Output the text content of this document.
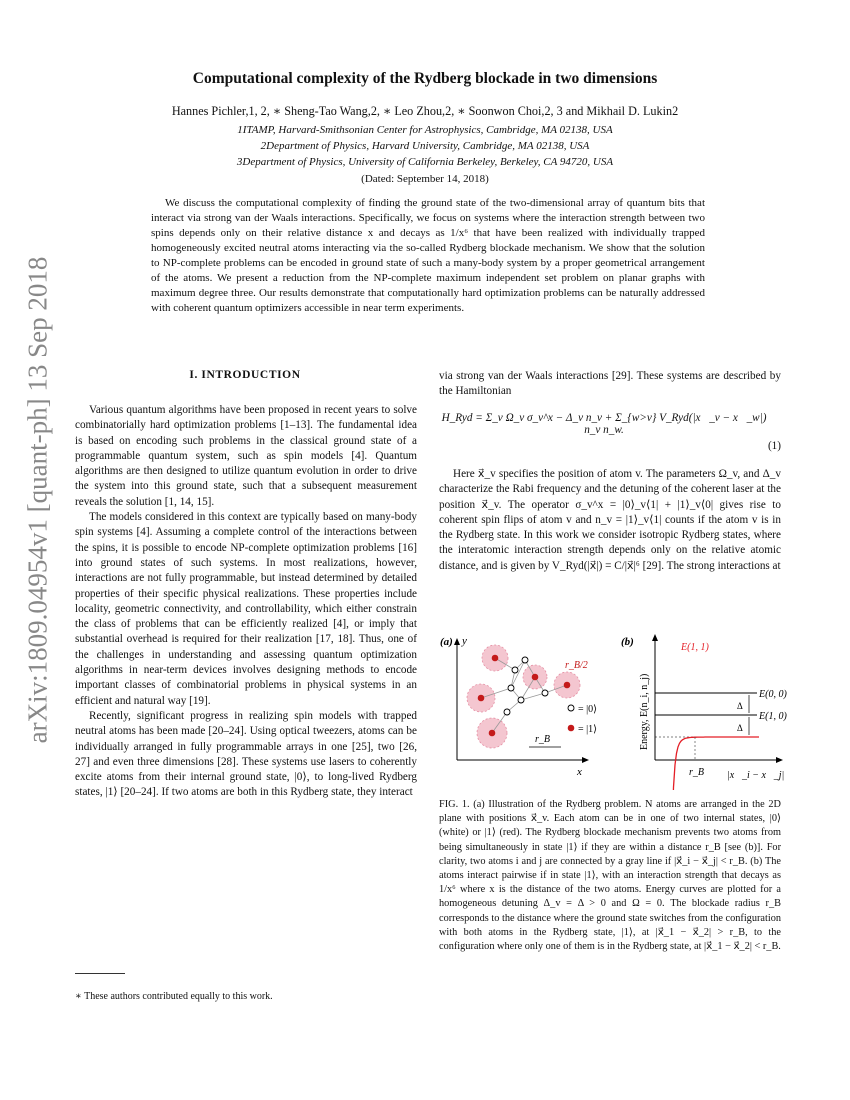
arXiv:1809.04954v1 [quant-ph] 13 Sep 2018
Computational complexity of the Rydberg blockade in two dimensions
Hannes Pichler,1, 2, ∗ Sheng-Tao Wang,2, ∗ Leo Zhou,2, ∗ Soonwon Choi,2, 3 and Mikhail D. Lukin2
1ITAMP, Harvard-Smithsonian Center for Astrophysics, Cambridge, MA 02138, USA
2Department of Physics, Harvard University, Cambridge, MA 02138, USA
3Department of Physics, University of California Berkeley, Berkeley, CA 94720, USA
(Dated: September 14, 2018)
We discuss the computational complexity of finding the ground state of the two-dimensional array of quantum bits that interact via strong van der Waals interactions. Specifically, we focus on systems where the interaction strength between two spins depends only on their relative distance x and decays as 1/x⁶ that have been realized with individually trapped homogeneously excited neutral atoms interacting via the so-called Rydberg blockade mechanism. We show that the solution to NP-complete problems can be encoded in ground state of such a many-body system by a proper geometrical arrangement of the atoms. We present a reduction from the NP-complete maximum independent set problem on planar graphs with maximum degree three. Our results demonstrate that computationally hard optimization problems can be naturally addressed with coherent quantum optimizers accessible in near term experiments.
I. INTRODUCTION

Various quantum algorithms have been proposed in recent years to solve combinatorially hard optimization problems [1–13]. The fundamental idea is based on encoding such problems in the classical ground state of a programmable quantum system, such as spin models [4]. Quantum algorithms are then designed to utilize quantum evolution in order to drive the system into this ground state, such that a subsequent measurement reveals the solution [1, 14, 15].

The models considered in this context are typically based on many-body spin systems [4]. Assuming a complete control of the interactions between the spins, it is possible to encode NP-complete optimization problems [16] into ground states of such systems. In most realizations, however, interactions are not fully programmable, but instead determined by detailed properties of their specific physical realizations. These properties include locality, geometric connectivity, and controllability, which either constrain the class of problems that can be efficiently realized [4], or imply that substantial overhead is required for their realization [17, 18]. Thus, one of the challenges in understanding and assessing quantum optimization algorithms in near-term devices involves designing methods to encode important classes of combinatorial problems in physical systems in an efficient and natural way [19].

Recently, significant progress in realizing spin models with trapped neutral atoms has been made [20–24]. Using optical tweezers, atoms can be individually arranged in fully programmable arrays in one [25], two [26, 27] and even three dimensions [28]. These systems use lasers to coherently excite atoms from their internal ground state, |0⟩, to long-lived Rydberg states, |1⟩ [20–24]. If two atoms are both in this Rydberg state, they interact

∗ These authors contributed equally to this work.
via strong van der Waals interactions [29]. These systems are described by the Hamiltonian
H_Ryd = Σ_v Ω_v σ_v^x − Δ_v n_v + Σ_{w>v} V_Ryd(|x⃗_v − x⃗_w|) n_v n_w.
(1)

Here x⃗_v specifies the position of atom v. The parameters Ω_v, and Δ_v characterize the Rabi frequency and the detuning of the coherent laser at the position x⃗_v. The operator σ_v^x = |0⟩_v⟨1| + |1⟩_v⟨0| gives rise to coherent spin flips of atom v and n_v = |1⟩_v⟨1| counts if the atom v is in the Rydberg state. In this work we consider isotropic Rydberg states, where the interatomic interaction strength depends only on the relative atomic distance, and is given by V_Ryd(|x⃗|) = C/|x⃗|⁶ [29]. The strong interactions at

(a) y
x
r_B/2
r_B
= |0⟩
= |1⟩
(b)
Energy, E(n_i, n_j)
|x⃗_i − x⃗_j|
E(1, 1)
E(0, 0)
E(1, 0)
Δ
Δ
r_B
FIG. 1. (a) Illustration of the Rydberg problem. N atoms are arranged in the 2D plane with positions x⃗_v. Each atom can be in one of two internal states, |0⟩ (white) or |1⟩ (red). The Rydberg blockade mechanism prevents two atoms from being simultaneously in state |1⟩ if they are within a distance r_B [see (b)]. For clarity, two atoms i and j are connected by a gray line if |x⃗_i − x⃗_j| < r_B. (b) The atoms interact pairwise if in state |1⟩, with an interaction strength that decays as 1/x⁶ where x is the distance of the two atoms. Energy curves are plotted for a homogeneous detuning Δ_v = Δ > 0 and Ω = 0. The blockade radius r_B corresponds to the distance where the ground state switches from the configuration with both atoms in the Rydberg state, |1⟩, at |x⃗_1 − x⃗_2| > r_B, to the configuration where only one of them is in the Rydberg state, at |x⃗_1 − x⃗_2| < r_B.
